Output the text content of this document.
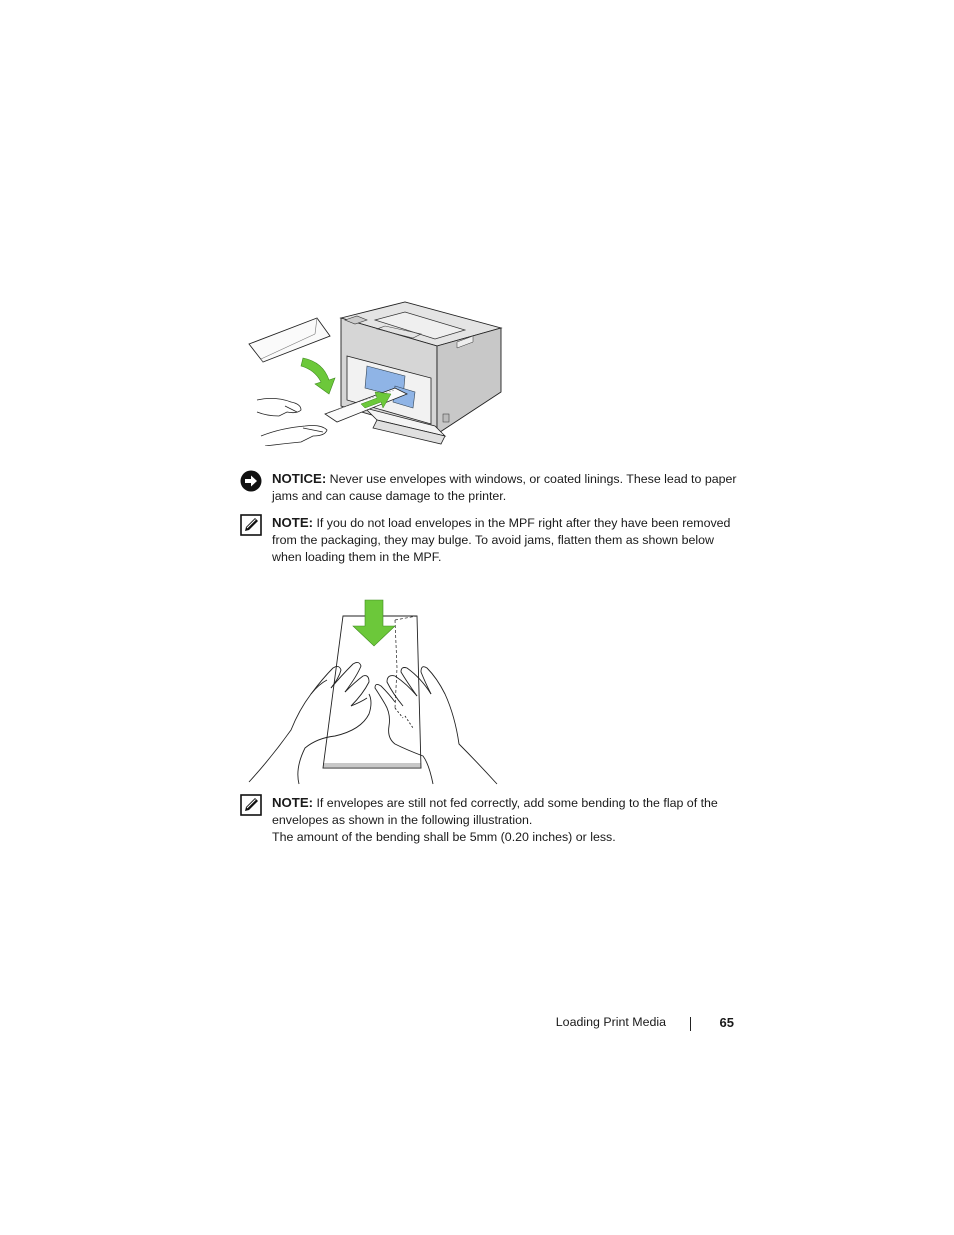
NOTICE: Never use envelopes with windows, or coated linings. These lead to paper jams and can cause damage to the printer.
NOTE: If you do not load envelopes in the MPF right after they have been removed from the packaging, they may bulge. To avoid jams, flatten them as shown below when loading them in the MPF.
NOTE: If envelopes are still not fed correctly, add some bending to the flap of the envelopes as shown in the following illustration.
The amount of the bending shall be 5mm (0.20 inches) or less.
Loading Print Media	65
